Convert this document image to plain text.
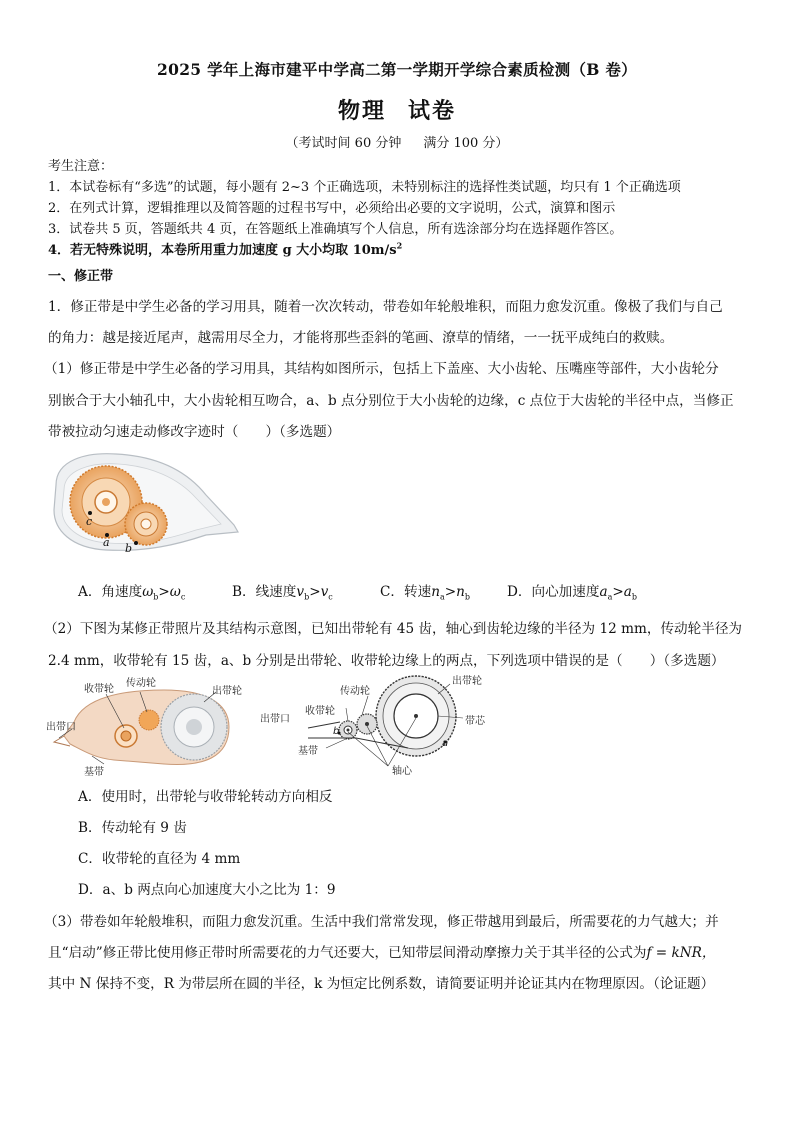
2025 学年上海市建平中学高二第一学期开学综合素质检测（B 卷）
物理 试卷
（考试时间 60 分钟 满分 100 分）
考生注意：
1．本试卷标有“多选”的试题，每小题有 2~3 个正确选项，未特别标注的选择性类试题，均只有 1 个正确选项
2．在列式计算，逻辑推理以及简答题的过程书写中，必须给出必要的文字说明，公式，演算和图示
3．试卷共 5 页，答题纸共 4 页，在答题纸上准确填写个人信息，所有选涂部分均在选择题作答区。
4．若无特殊说明，本卷所用重力加速度 g 大小均取 $10m/s^2$
一、修正带
1．修正带是中学生必备的学习用具，随着一次次转动，带卷如年轮般堆积，而阻力愈发沉重。像极了我们与自己
的角力：越是接近尾声，越需用尽全力，才能将那些歪斜的笔画、潦草的情绪，一一抚平成纯白的救赎。
（1）修正带是中学生必备的学习用具，其结构如图所示，包括上下盖座、大小齿轮、压嘴座等部件，大小齿轮分
别嵌合于大小轴孔中，大小齿轮相互吻合，a、b 点分别位于大小齿轮的边缘，c 点位于大齿轮的半径中点，当修正
带被拉动匀速走动修改字迹时（　　）（多选题）
c
a b
A．角速度$\omega_b>\omega_c$	B．线速度$v_b>v_c$	C．转速$n_a>n_b$	D．向心加速度$a_a>a_b$
（2）下图为某修正带照片及其结构示意图，已知出带轮有 45 齿，轴心到齿轮边缘的半径为 12 mm，传动轮半径为
2.4 mm，收带轮有 15 齿，a、b 分别是出带轮、收带轮边缘上的两点，下列选项中错误的是（　　）（多选题）
收带轮
传动轮
出带轮
出带口
基带
传动轮
出带轮
收带轮
出带口	带芯
基带
轴心
a
b
A．使用时，出带轮与收带轮转动方向相反
B．传动轮有 9 齿
C．收带轮的直径为 4 mm
D．a、b 两点向心加速度大小之比为 1：9
（3）带卷如年轮般堆积，而阻力愈发沉重。生活中我们常常发现，修正带越用到最后，所需要花的力气越大；并
且“启动”修正带比使用修正带时所需要花的力气还要大，已知带层间滑动摩擦力关于其半径的公式为f = kNR，
其中 N 保持不变，R 为带层所在圆的半径，k 为恒定比例系数，请简要证明并论证其内在物理原因。（论证题）
